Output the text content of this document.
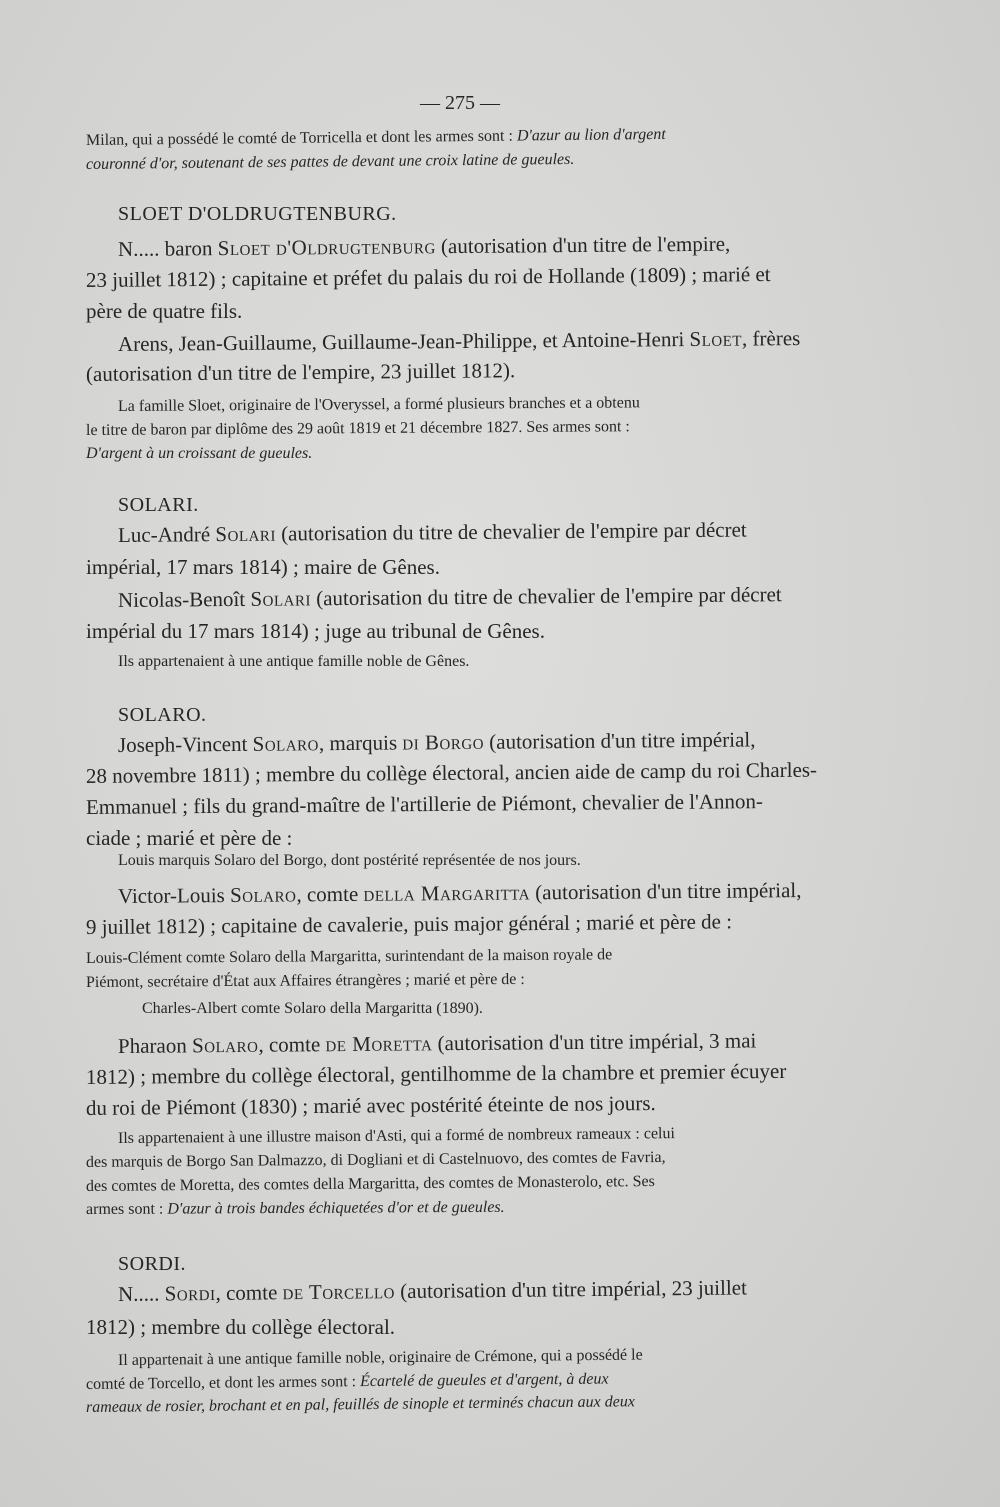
— 275 —
Milan, qui a possédé le comté de Torricella et dont les armes sont : D'azur au lion d'argent
couronné d'or, soutenant de ses pattes de devant une croix latine de gueules.
SLOET D'OLDRUGTENBURG.
N..... baron Sloet d'Oldrugtenburg (autorisation d'un titre de l'empire,
23 juillet 1812) ; capitaine et préfet du palais du roi de Hollande (1809) ; marié et
père de quatre fils.
Arens, Jean-Guillaume, Guillaume-Jean-Philippe, et Antoine-Henri Sloet, frères
(autorisation d'un titre de l'empire, 23 juillet 1812).
La famille Sloet, originaire de l'Overyssel, a formé plusieurs branches et a obtenu
le titre de baron par diplôme des 29 août 1819 et 21 décembre 1827. Ses armes sont :
D'argent à un croissant de gueules.
SOLARI.
Luc-André Solari (autorisation du titre de chevalier de l'empire par décret
impérial, 17 mars 1814) ; maire de Gênes.
Nicolas-Benoît Solari (autorisation du titre de chevalier de l'empire par décret
impérial du 17 mars 1814) ; juge au tribunal de Gênes.
Ils appartenaient à une antique famille noble de Gênes.
SOLARO.
Joseph-Vincent Solaro, marquis di Borgo (autorisation d'un titre impérial,
28 novembre 1811) ; membre du collège électoral, ancien aide de camp du roi Charles-
Emmanuel ; fils du grand-maître de l'artillerie de Piémont, chevalier de l'Annon-
ciade ; marié et père de :
Louis marquis Solaro del Borgo, dont postérité représentée de nos jours.
Victor-Louis Solaro, comte della Margaritta (autorisation d'un titre impérial,
9 juillet 1812) ; capitaine de cavalerie, puis major général ; marié et père de :
Louis-Clément comte Solaro della Margaritta, surintendant de la maison royale de
Piémont, secrétaire d'État aux Affaires étrangères ; marié et père de :
Charles-Albert comte Solaro della Margaritta (1890).
Pharaon Solaro, comte de Moretta (autorisation d'un titre impérial, 3 mai
1812) ; membre du collège électoral, gentilhomme de la chambre et premier écuyer
du roi de Piémont (1830) ; marié avec postérité éteinte de nos jours.
Ils appartenaient à une illustre maison d'Asti, qui a formé de nombreux rameaux : celui
des marquis de Borgo San Dalmazzo, di Dogliani et di Castelnuovo, des comtes de Favria,
des comtes de Moretta, des comtes della Margaritta, des comtes de Monasterolo, etc. Ses
armes sont : D'azur à trois bandes échiquetées d'or et de gueules.
SORDI.
N..... Sordi, comte de Torcello (autorisation d'un titre impérial, 23 juillet
1812) ; membre du collège électoral.
Il appartenait à une antique famille noble, originaire de Crémone, qui a possédé le
comté de Torcello, et dont les armes sont : Écartelé de gueules et d'argent, à deux
rameaux de rosier, brochant et en pal, feuillés de sinople et terminés chacun aux deux
